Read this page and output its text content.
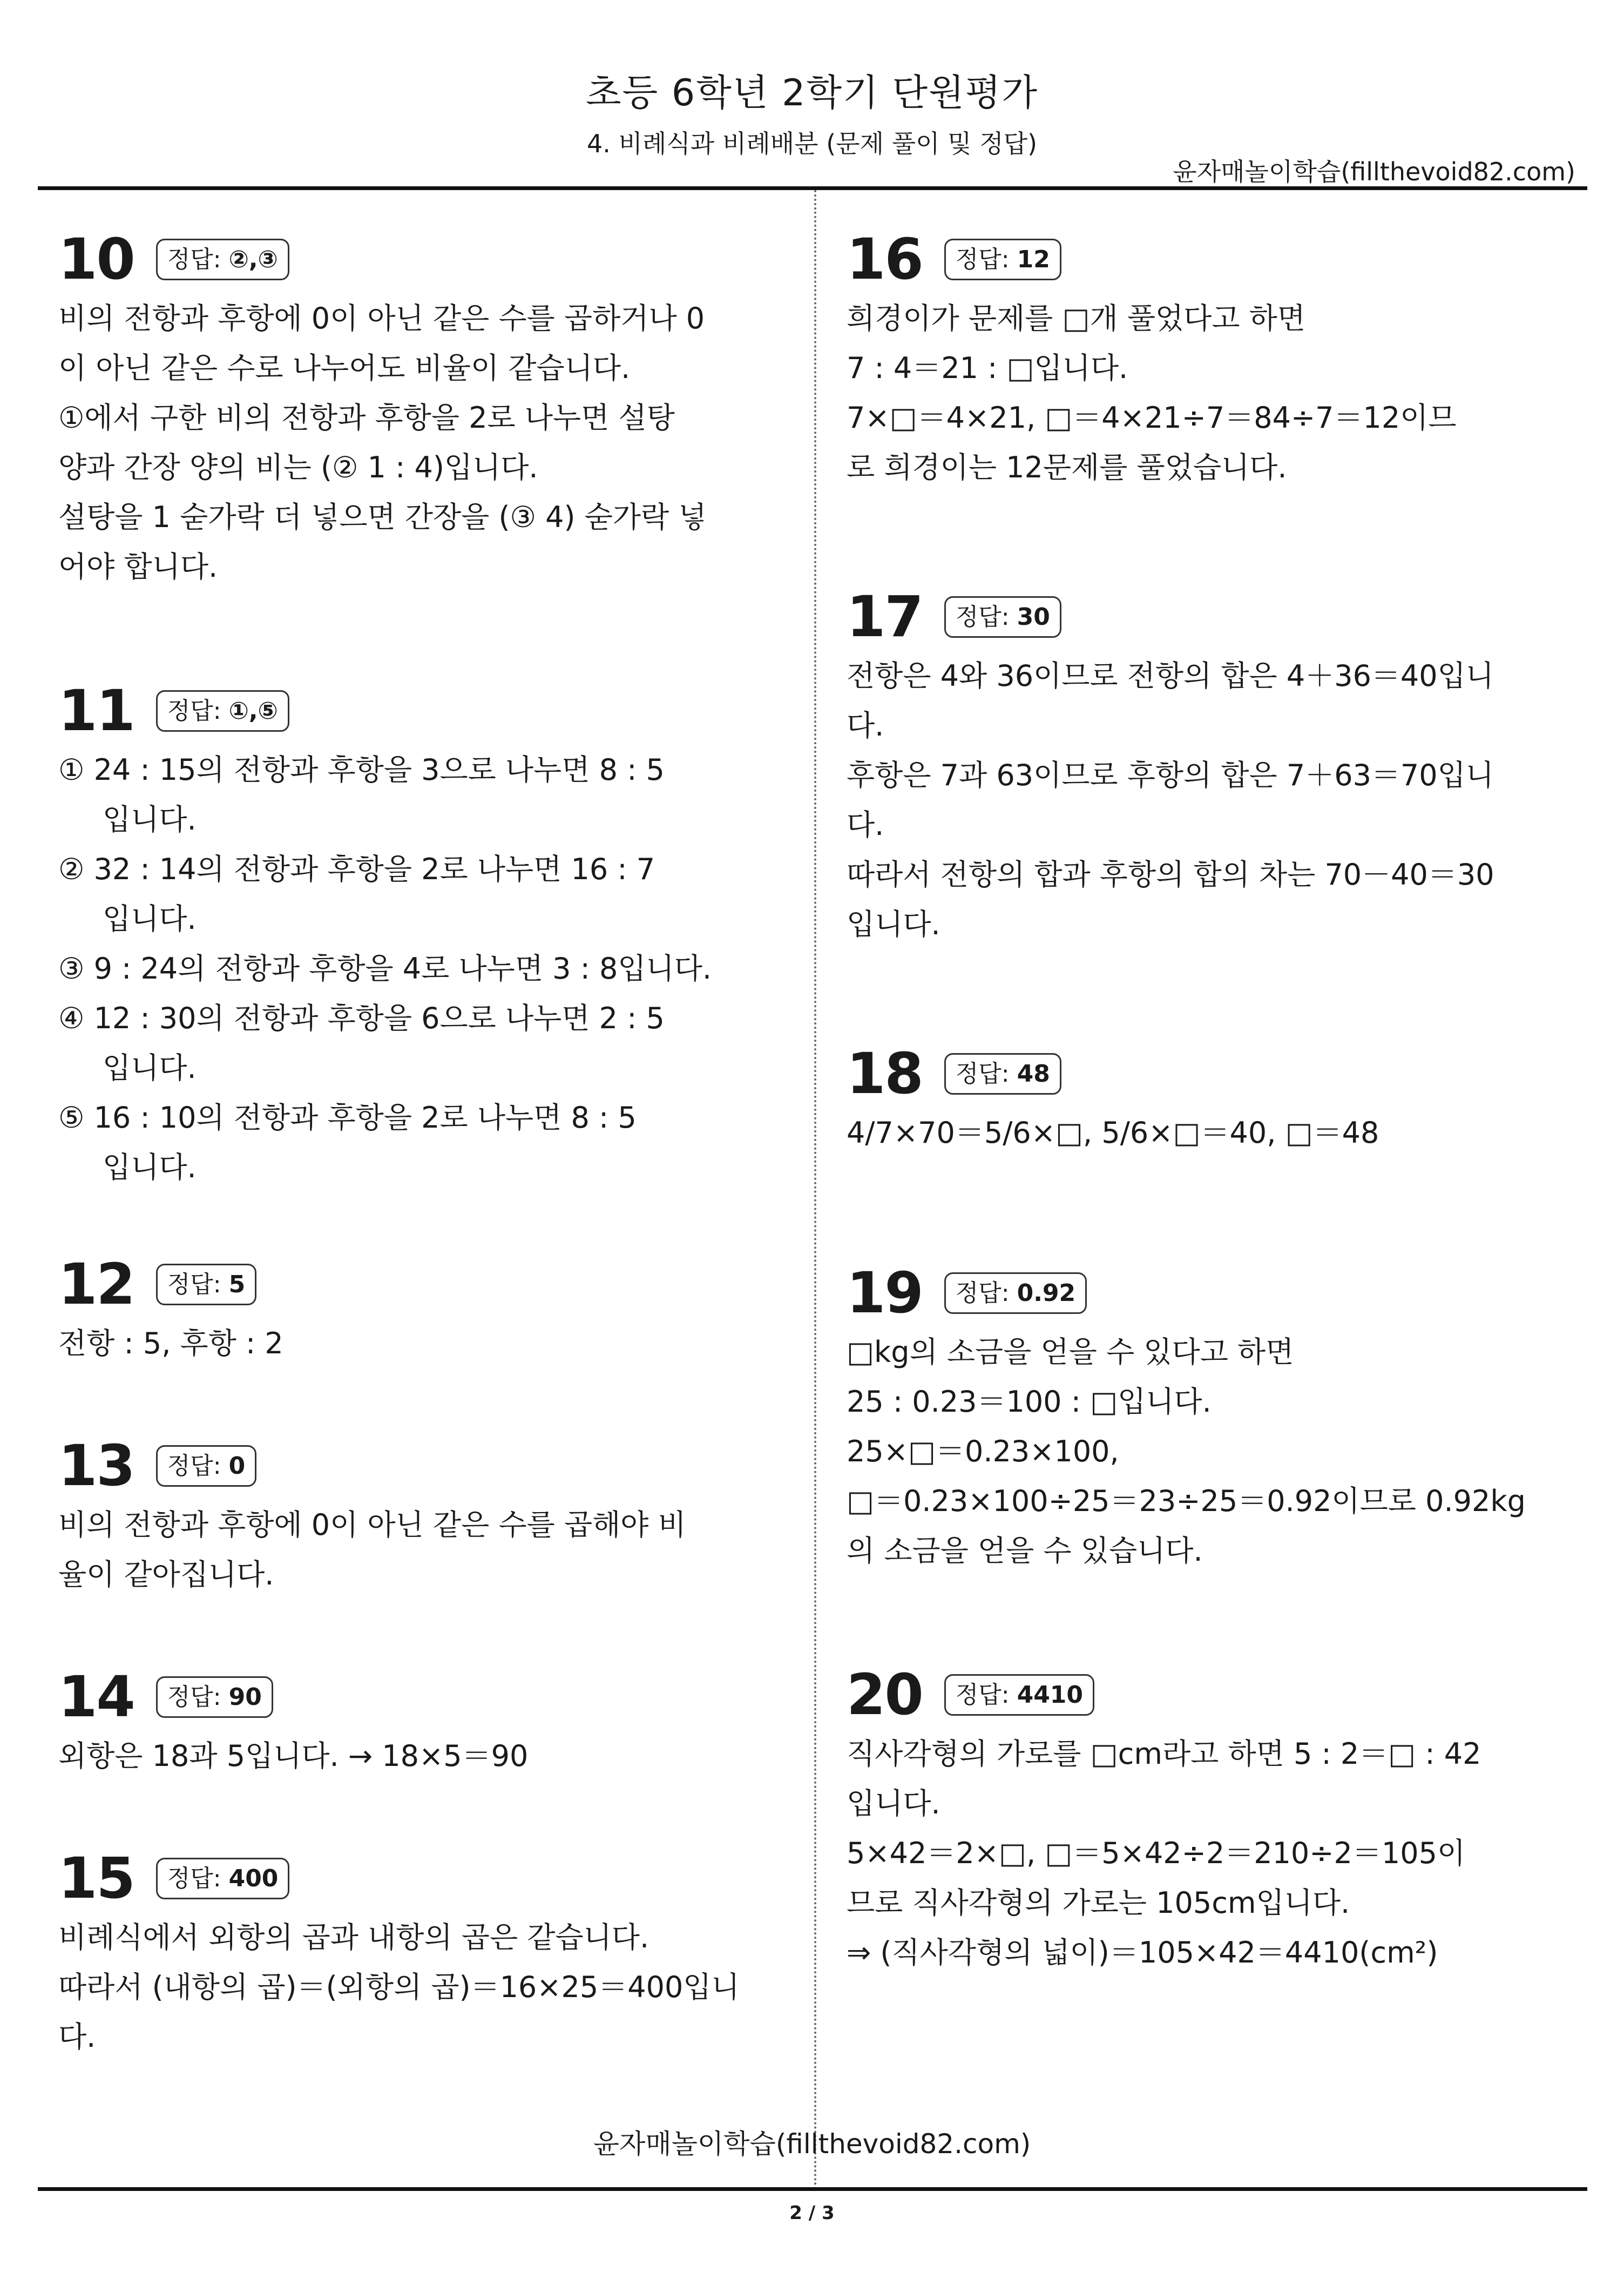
초등 6학년 2학기 단원평가
4. 비례식과 비례배분 (문제 풀이 및 정답)
윤자매놀이학습(fillthevoid82.com)
10	정답: ②,③
비의 전항과 후항에 0이 아닌 같은 수를 곱하거나 0
이 아닌 같은 수로 나누어도 비율이 같습니다.
①에서 구한 비의 전항과 후항을 2로 나누면 설탕
양과 간장 양의 비는 (② 1 : 4)입니다.
설탕을 1 숟가락 더 넣으면 간장을 (③ 4) 숟가락 넣
어야 합니다.
11	정답: ①,⑤
① 24 : 15의 전항과 후항을 3으로 나누면 8 : 5
입니다.
② 32 : 14의 전항과 후항을 2로 나누면 16 : 7
입니다.
③ 9 : 24의 전항과 후항을 4로 나누면 3 : 8입니다.
④ 12 : 30의 전항과 후항을 6으로 나누면 2 : 5
입니다.
⑤ 16 : 10의 전항과 후항을 2로 나누면 8 : 5
입니다.
12	정답: 5
전항 : 5, 후항 : 2
13	정답: 0
비의 전항과 후항에 0이 아닌 같은 수를 곱해야 비
율이 같아집니다.
14	정답: 90
외항은 18과 5입니다. → 18×5＝90
15	정답: 400
비례식에서 외항의 곱과 내항의 곱은 같습니다.
따라서 (내항의 곱)＝(외항의 곱)＝16×25＝400입니
다.
16	정답: 12
희경이가 문제를 □개 풀었다고 하면
7 : 4＝21 : □입니다.
7×□＝4×21, □＝4×21÷7＝84÷7＝12이므
로 희경이는 12문제를 풀었습니다.
17	정답: 30
전항은 4와 36이므로 전항의 합은 4＋36＝40입니
다.
후항은 7과 63이므로 후항의 합은 7＋63＝70입니
다.
따라서 전항의 합과 후항의 합의 차는 70－40＝30
입니다.
18	정답: 48
4/7×70＝5/6×□, 5/6×□＝40, □＝48
19	정답: 0.92
□kg의 소금을 얻을 수 있다고 하면
25 : 0.23＝100 : □입니다.
25×□＝0.23×100,
□＝0.23×100÷25＝23÷25＝0.92이므로 0.92kg
의 소금을 얻을 수 있습니다.
20	정답: 4410
직사각형의 가로를 □cm라고 하면 5 : 2＝□ : 42
입니다.
5×42＝2×□, □＝5×42÷2＝210÷2＝105이
므로 직사각형의 가로는 105cm입니다.
⇒ (직사각형의 넓이)＝105×42＝4410(cm²)
윤자매놀이학습(fillthevoid82.com)
2 / 3
